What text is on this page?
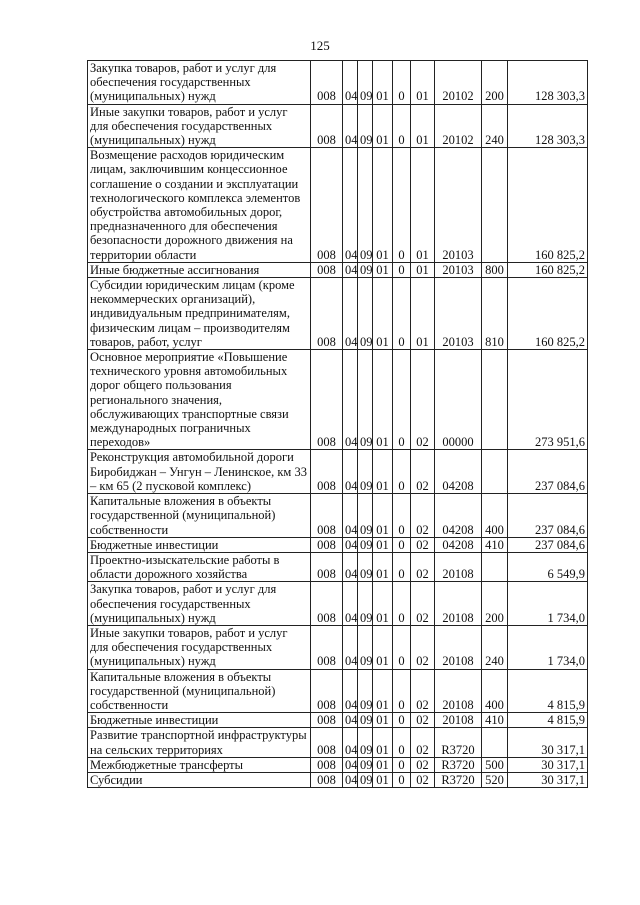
125
Закупка товаров, работ и услуг для обеспечения государственных (муниципальных) нужд	008	04	09	01	0	01	20102	200	128 303,3
Иные закупки товаров, работ и услуг для обеспечения государственных (муниципальных) нужд	008	04	09	01	0	01	20102	240	128 303,3
Возмещение расходов юридическим лицам, заключившим концессионное соглашение о создании и эксплуатации технологического комплекса элементов обустройства автомобильных дорог, предназначенного для обеспечения безопасности дорожного движения на территории области	008	04	09	01	0	01	20103		160 825,2
Иные бюджетные ассигнования	008	04	09	01	0	01	20103	800	160 825,2
Субсидии юридическим лицам (кроме некоммерческих организаций), индивидуальным предпринимателям, физическим лицам – производителям товаров, работ, услуг	008	04	09	01	0	01	20103	810	160 825,2
Основное мероприятие «Повышение технического уровня автомобильных дорог общего пользования регионального значения, обслуживающих транспортные связи международных пограничных переходов»	008	04	09	01	0	02	00000		273 951,6
Реконструкция автомобильной дороги Биробиджан – Унгун – Ленинское, км 33 – км 65 (2 пусковой комплекс)	008	04	09	01	0	02	04208		237 084,6
Капитальные вложения в объекты государственной (муниципальной) собственности	008	04	09	01	0	02	04208	400	237 084,6
Бюджетные инвестиции	008	04	09	01	0	02	04208	410	237 084,6
Проектно-изыскательские работы в области дорожного хозяйства	008	04	09	01	0	02	20108		6 549,9
Закупка товаров, работ и услуг для обеспечения государственных (муниципальных) нужд	008	04	09	01	0	02	20108	200	1 734,0
Иные закупки товаров, работ и услуг для обеспечения государственных (муниципальных) нужд	008	04	09	01	0	02	20108	240	1 734,0
Капитальные вложения в объекты государственной (муниципальной) собственности	008	04	09	01	0	02	20108	400	4 815,9
Бюджетные инвестиции	008	04	09	01	0	02	20108	410	4 815,9
Развитие транспортной инфраструктуры на сельских территориях	008	04	09	01	0	02	R3720		30 317,1
Межбюджетные трансферты	008	04	09	01	0	02	R3720	500	30 317,1
Субсидии	008	04	09	01	0	02	R3720	520	30 317,1
